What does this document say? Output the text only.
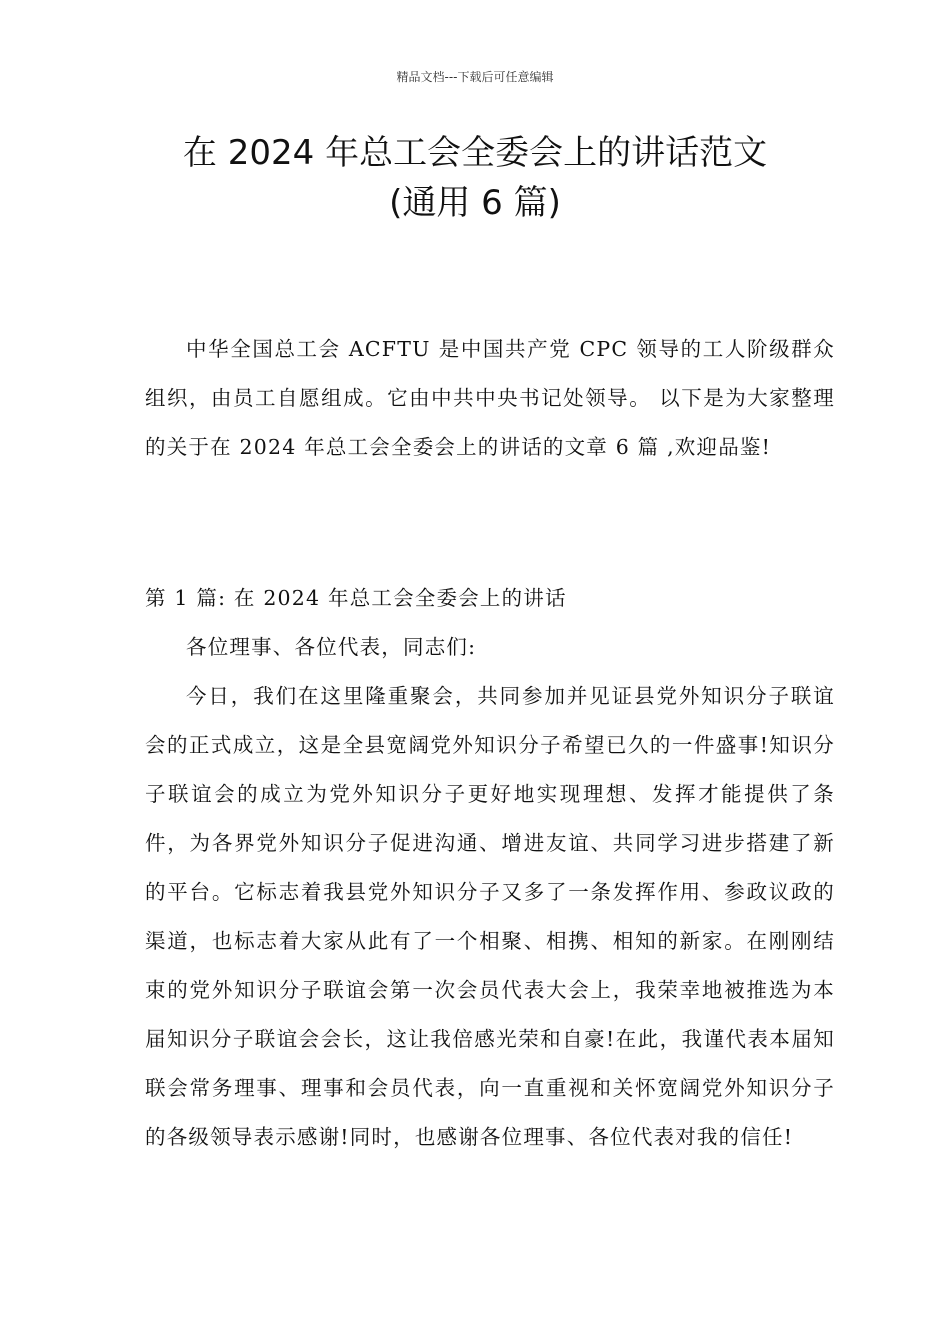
精品文档---下载后可任意编辑
在 2024 年总工会全委会上的讲话范文
(通用 6 篇)

中华全国总工会 ACFTU 是中国共产党 CPC 领导的工人阶级群众组织，由员工自愿组成。它由中共中央书记处领导。 以下是为大家整理的关于在 2024 年总工会全委会上的讲话的文章 6 篇 ,欢迎品鉴!

第 1 篇: 在 2024 年总工会全委会上的讲话

各位理事、各位代表，同志们:

今日，我们在这里隆重聚会，共同参加并见证县党外知识分子联谊会的正式成立，这是全县宽阔党外知识分子希望已久的一件盛事!知识分子联谊会的成立为党外知识分子更好地实现理想、发挥才能提供了条件，为各界党外知识分子促进沟通、增进友谊、共同学习进步搭建了新的平台。它标志着我县党外知识分子又多了一条发挥作用、参政议政的渠道，也标志着大家从此有了一个相聚、相携、相知的新家。在刚刚结束的党外知识分子联谊会第一次会员代表大会上，我荣幸地被推选为本届知识分子联谊会会长，这让我倍感光荣和自豪!在此，我谨代表本届知联会常务理事、理事和会员代表，向一直重视和关怀宽阔党外知识分子的各级领导表示感谢!同时，也感谢各位理事、各位代表对我的信任!
